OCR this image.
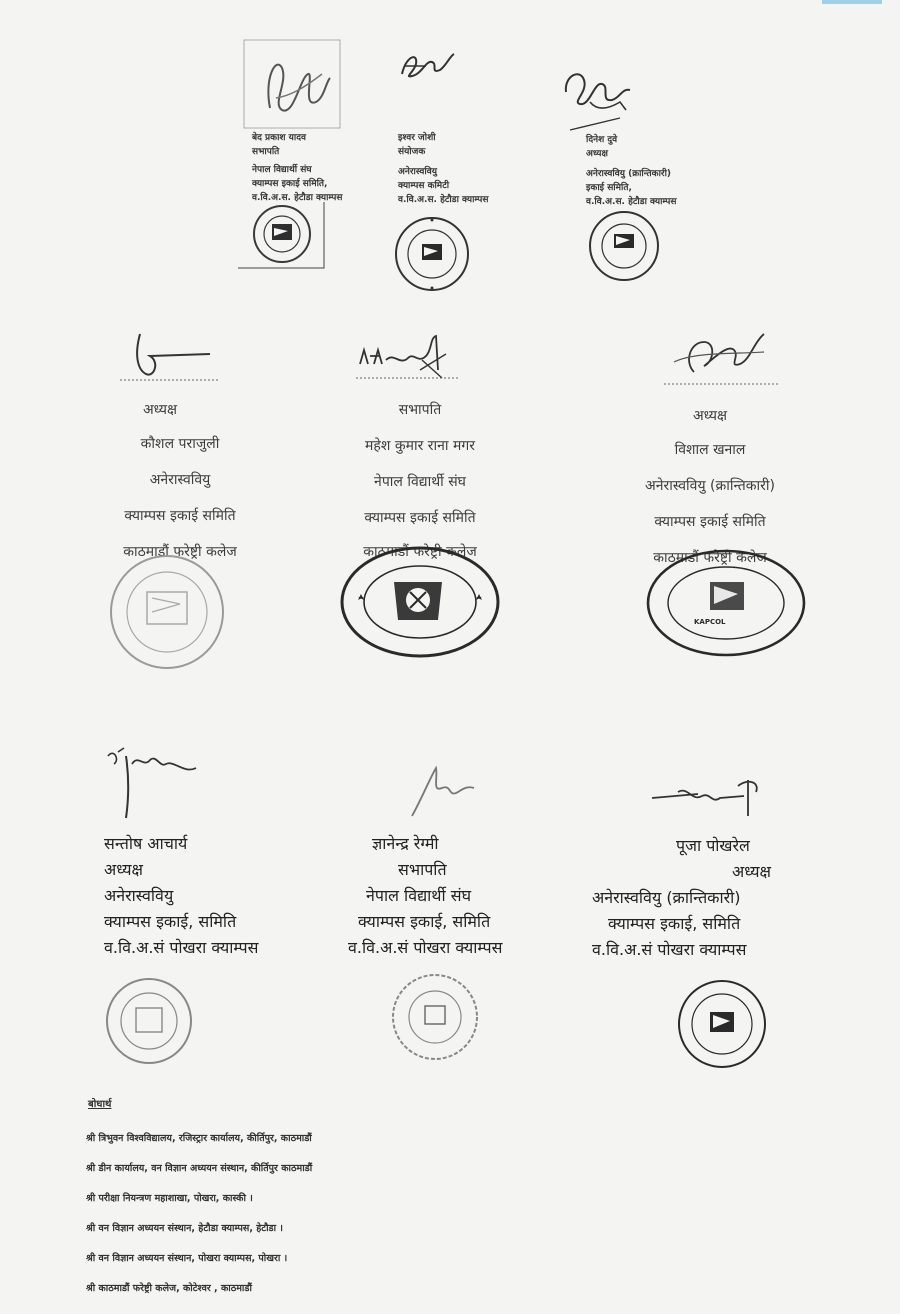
बेद प्रकाश यादव
सभापति
नेपाल विद्यार्थी संघ
क्याम्पस इकाई समिति,
व.वि.अ.स. हेटौडा क्याम्पस
इश्वर जोशी
संयोजक
अनेरास्ववियु
क्याम्पस कमिटी
व.वि.अ.स. हेटौडा क्याम्पस
दिनेश दुवे
अध्यक्ष
अनेरास्ववियु (क्रान्तिकारी)
इकाई समिति,
व.वि.अ.स. हेटौडा क्याम्पस
अध्यक्ष
कौशल पराजुली
अनेरास्ववियु
क्याम्पस इकाई समिति
काठमाडौं फरेष्ट्री कलेज
सभापति
महेश कुमार राना मगर
नेपाल विद्यार्थी संघ
क्याम्पस इकाई समिति
काठमाडौं फरेष्ट्री कलेज
अध्यक्ष
विशाल खनाल
अनेरास्ववियु (क्रान्तिकारी)
क्याम्पस इकाई समिति
काठमाडौं फरेष्ट्री कलेज
KAPCOL
सन्तोष आचार्य
अध्यक्ष
अनेरास्ववियु
क्याम्पस इकाई, समिति
व.वि.अ.सं पोखरा क्याम्पस
ज्ञानेन्द्र रेग्मी
सभापति
नेपाल विद्यार्थी संघ
क्याम्पस इकाई, समिति
व.वि.अ.सं पोखरा क्याम्पस
पूजा पोखरेल
अध्यक्ष
अनेरास्ववियु (क्रान्तिकारी)
क्याम्पस इकाई, समिति
व.वि.अ.सं पोखरा क्याम्पस
बोधार्थ
श्री त्रिभुवन विश्वविद्यालय, रजिस्ट्रार कार्यालय, कीर्तिपुर, काठमाडौं
श्री डीन कार्यालय, वन विज्ञान अध्ययन संस्थान, कीर्तिपुर काठमाडौं
श्री परीक्षा नियन्त्रण महाशाखा, पोखरा, कास्की ।
श्री वन विज्ञान अध्ययन संस्थान, हेटौडा क्याम्पस, हेटौडा ।
श्री वन विज्ञान अध्ययन संस्थान, पोखरा क्याम्पस, पोखरा ।
श्री काठमाडौं फरेष्ट्री कलेज, कोटेश्वर , काठमाडौं
